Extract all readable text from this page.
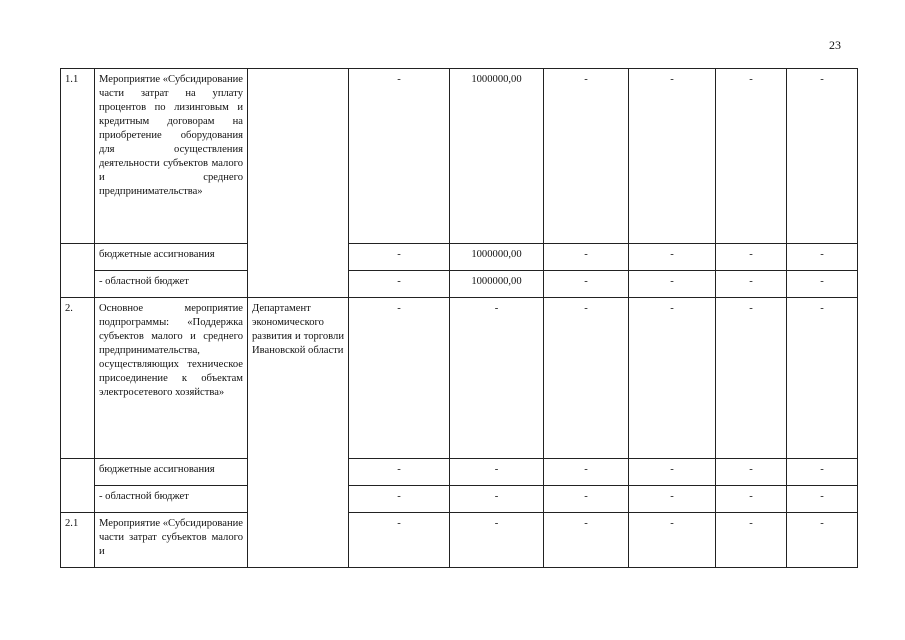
23
1.1	Мероприятие «Субсидирование части затрат на уплату процентов по лизинговым и кредитным договорам на приобретение оборудования для осуществления деятельности субъектов малого и среднего предпринимательства»		-	1000000,00	-	-	-	-
	бюджетные ассигнования		-	1000000,00	-	-	-	-
	- областной бюджет		-	1000000,00	-	-	-	-
2.	Основное мероприятие подпрограммы: «Поддержка субъектов малого и среднего предпринимательства, осуществляющих техническое присоединение к объектам электросетевого хозяйства»	Департамент экономического развития и торговли Ивановской области	-	-	-	-	-	-
	бюджетные ассигнования		-	-	-	-	-	-
	- областной бюджет		-	-	-	-	-	-
2.1	Мероприятие «Субсидирование части затрат субъектов малого и		-	-	-	-	-	-
